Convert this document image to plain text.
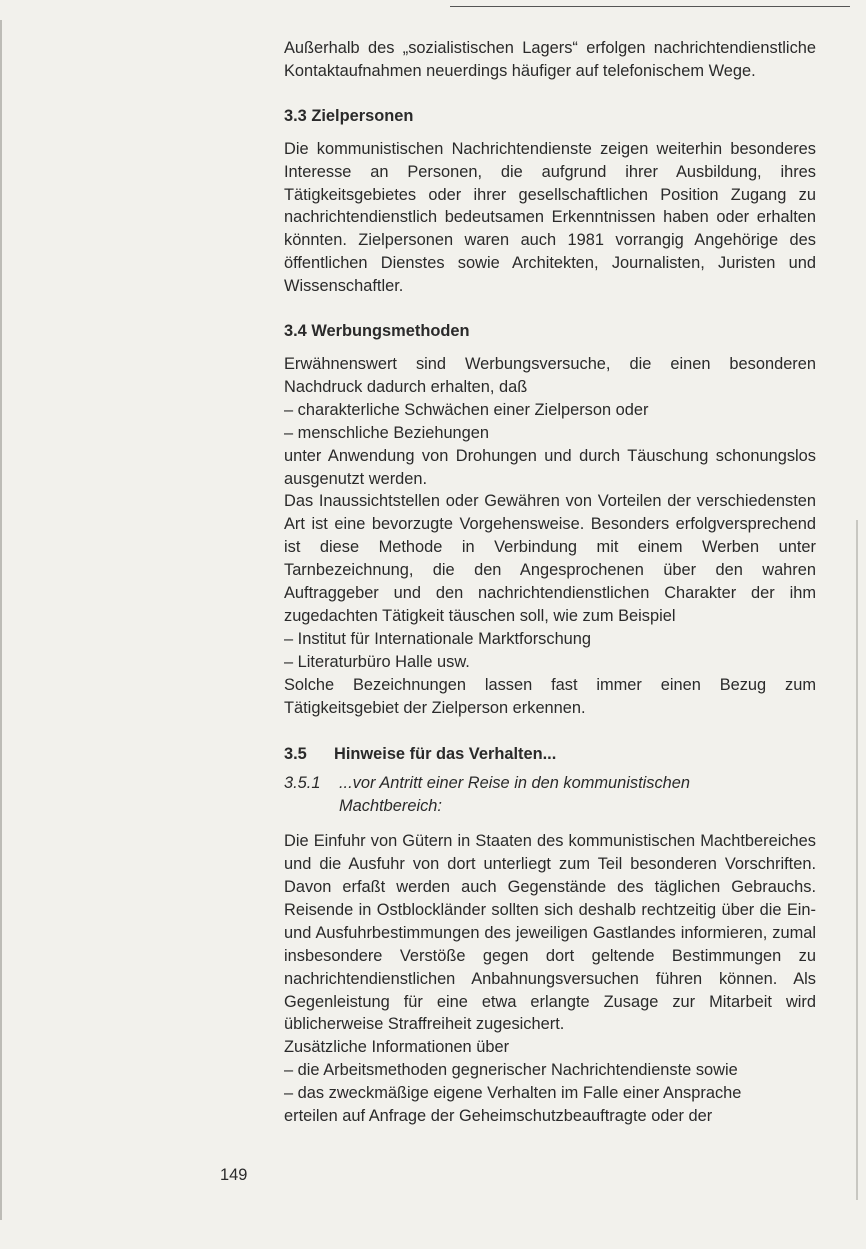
Außerhalb des „sozialistischen Lagers“ erfolgen nachrichtendienstliche Kontaktaufnahmen neuerdings häufiger auf telefonischem Wege.

3.3 Zielpersonen

Die kommunistischen Nachrichtendienste zeigen weiterhin besonderes Interesse an Personen, die aufgrund ihrer Ausbildung, ihres Tätigkeitsgebietes oder ihrer gesellschaftlichen Position Zugang zu nachrichtendienstlich bedeutsamen Erkenntnissen haben oder erhalten könnten. Zielpersonen waren auch 1981 vorrangig Angehörige des öffentlichen Dienstes sowie Architekten, Journalisten, Juristen und Wissenschaftler.

3.4 Werbungsmethoden

Erwähnenswert sind Werbungsversuche, die einen besonderen Nachdruck dadurch erhalten, daß

– charakterliche Schwächen einer Zielperson oder

– menschliche Beziehungen

unter Anwendung von Drohungen und durch Täuschung schonungslos ausgenutzt werden.

Das Inaussichtstellen oder Gewähren von Vorteilen der verschiedensten Art ist eine bevorzugte Vorgehensweise. Besonders erfolgversprechend ist diese Methode in Verbindung mit einem Werben unter Tarnbezeichnung, die den Angesprochenen über den wahren Auftraggeber und den nachrichtendienstlichen Charakter der ihm zugedachten Tätigkeit täuschen soll, wie zum Beispiel

– Institut für Internationale Marktforschung

– Literaturbüro Halle usw.

Solche Bezeichnungen lassen fast immer einen Bezug zum Tätigkeitsgebiet der Zielperson erkennen.

3.5 Hinweise für das Verhalten...
3.5.1	...vor Antritt einer Reise in den kommunistischen Machtbereich:

Die Einfuhr von Gütern in Staaten des kommunistischen Machtbereiches und die Ausfuhr von dort unterliegt zum Teil besonderen Vorschriften. Davon erfaßt werden auch Gegenstände des täglichen Gebrauchs. Reisende in Ostblockländer sollten sich deshalb rechtzeitig über die Ein- und Ausfuhrbestimmungen des jeweiligen Gastlandes informieren, zumal insbesondere Verstöße gegen dort geltende Bestimmungen zu nachrichtendienstlichen Anbahnungsversuchen führen können. Als Gegenleistung für eine etwa erlangte Zusage zur Mitarbeit wird üblicherweise Straffreiheit zugesichert.

Zusätzliche Informationen über

– die Arbeitsmethoden gegnerischer Nachrichtendienste sowie

– das zweckmäßige eigene Verhalten im Falle einer Ansprache

erteilen auf Anfrage der Geheimschutzbeauftragte oder der

149
